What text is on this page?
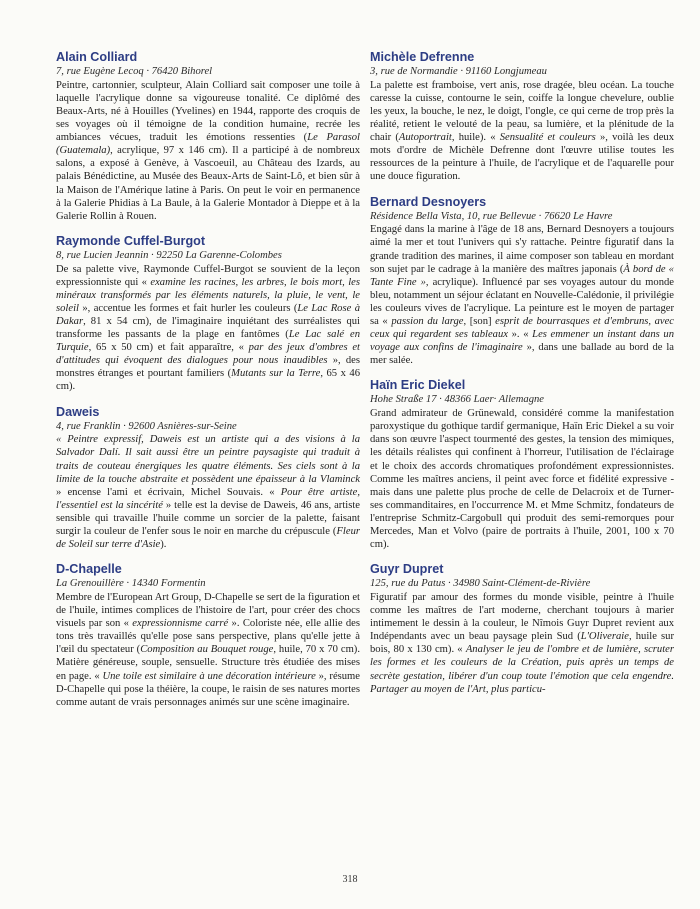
Alain Colliard
7, rue Eugène Lecoq · 76420 Bihorel

Peintre, cartonnier, sculpteur, Alain Colliard sait composer une toile à laquelle l'acrylique donne sa vigoureuse tonalité. Ce diplômé des Beaux-Arts, né à Houilles (Yvelines) en 1944, rapporte des croquis de ses voyages où il témoigne de la condition humaine, recrée les ambiances vécues, traduit les émotions ressenties (Le Parasol (Guatemala), acrylique, 97 x 146 cm). Il a participé à de nombreux salons, a exposé à Genève, à Vascoeuil, au Château des Izards, au palais Bénédictine, au Musée des Beaux-Arts de Saint-Lô, et bien sûr à la Maison de l'Amérique latine à Paris. On peut le voir en permanence à la Galerie Phidias à La Baule, à la Galerie Montador à Dieppe et à la Galerie Rollin à Rouen.

Raymonde Cuffel-Burgot
8, rue Lucien Jeannin · 92250 La Garenne-Colombes

De sa palette vive, Raymonde Cuffel-Burgot se souvient de la leçon expressionniste qui « examine les racines, les arbres, le bois mort, les minéraux transformés par les éléments naturels, la pluie, le vent, le soleil », accentue les formes et fait hurler les couleurs (Le Lac Rose à Dakar, 81 x 54 cm), de l'imaginaire inquiétant des surréalistes qui transforme les passants de la plage en fantômes (Le Lac salé en Turquie, 65 x 50 cm) et fait apparaître, « par des jeux d'ombres et d'attitudes qui évoquent des dialogues pour nous inaudibles », des monstres étranges et pourtant familiers (Mutants sur la Terre, 65 x 46 cm).

Daweis
4, rue Franklin · 92600 Asnières-sur-Seine

« Peintre expressif, Daweis est un artiste qui a des visions à la Salvador Dalí. Il sait aussi être un peintre paysagiste qui traduit à traits de couteau énergiques les quatre éléments. Ses ciels sont à la limite de la touche abstraite et possèdent une épaisseur à la Vlaminck » encense l'ami et écrivain, Michel Souvais. « Pour être artiste, l'essentiel est la sincérité » telle est la devise de Daweis, 46 ans, artiste sensible qui travaille l'huile comme un sorcier de la palette, faisant surgir la couleur de l'enfer sous le noir en marche du crépuscule (Fleur de Soleil sur terre d'Asie).

D-Chapelle
La Grenouillère · 14340 Formentin

Membre de l'European Art Group, D-Chapelle se sert de la figuration et de l'huile, intimes complices de l'histoire de l'art, pour créer des chocs visuels par son « expressionnisme carré ». Coloriste née, elle allie des tons très travaillés qu'elle pose sans perspective, plans qu'elle jette à l'œil du spectateur (Composition au Bouquet rouge, huile, 70 x 70 cm). Matière généreuse, souple, sensuelle. Structure très étudiée des mises en page. « Une toile est similaire à une décoration intérieure », résume D-Chapelle qui pose la théière, la coupe, le raisin de ses natures mortes comme autant de vrais personnages animés sur une scène imaginaire.

Michèle Defrenne
3, rue de Normandie · 91160 Longjumeau

La palette est framboise, vert anis, rose dragée, bleu océan. La touche caresse la cuisse, contourne le sein, coiffe la longue chevelure, oublie les yeux, la bouche, le nez, le doigt, l'ongle, ce qui cerne de trop près la réalité, retient le velouté de la peau, sa lumière, et la plénitude de la chair (Autoportrait, huile). « Sensualité et couleurs », voilà les deux mots d'ordre de Michèle Defrenne dont l'œuvre utilise toutes les ressources de la peinture à l'huile, de l'acrylique et de l'aquarelle pour une douce figuration.

Bernard Desnoyers
Résidence Bella Vista, 10, rue Bellevue · 76620 Le Havre

Engagé dans la marine à l'âge de 18 ans, Bernard Desnoyers a toujours aimé la mer et tout l'univers qui s'y rattache. Peintre figuratif dans la grande tradition des marines, il aime composer son tableau en mordant son sujet par le cadrage à la manière des maîtres japonais (À bord de « Tante Fine », acrylique). Influencé par ses voyages autour du monde bleu, notamment un séjour éclatant en Nouvelle-Calédonie, il privilégie les couleurs vives de l'acrylique. La peinture est le moyen de partager sa « passion du large, [son] esprit de bourrasques et d'embruns, avec ceux qui regardent ses tableaux ». « Les emmener un instant dans un voyage aux confins de l'imaginaire », dans une ballade au bord de la mer salée.

Haïn Eric Diekel
Hohe Straße 17 · 48366 Laer· Allemagne

Grand admirateur de Grünewald, considéré comme la manifestation paroxystique du gothique tardif germanique, Haïn Eric Diekel a su voir dans son œuvre l'aspect tourmenté des gestes, la tension des mimiques, les détails réalistes qui confinent à l'horreur, l'utilisation de l'éclairage et le choix des accords chromatiques profondément expressionnistes. Comme les maîtres anciens, il peint avec force et fidélité expressive - mais dans une palette plus proche de celle de Delacroix et de Turner- ses commanditaires, en l'occurrence M. et Mme Schmitz, fondateurs de l'entreprise Schmitz-Cargobull qui produit des semi-remorques pour Mercedes, Man et Volvo (paire de portraits à l'huile, 2001, 100 x 70 cm).

Guyr Dupret
125, rue du Patus · 34980 Saint-Clément-de-Rivière

Figuratif par amour des formes du monde visible, peintre à l'huile comme les maîtres de l'art moderne, cherchant toujours à marier intimement le dessin à la couleur, le Nîmois Guyr Dupret revient aux Indépendants avec un beau paysage plein Sud (L'Oliveraie, huile sur bois, 80 x 130 cm). « Analyser le jeu de l'ombre et de lumière, scruter les formes et les couleurs de la Création, puis après un temps de secrète gestation, libérer d'un coup toute l'émotion que cela engendre. Partager au moyen de l'Art, plus particu-

318
